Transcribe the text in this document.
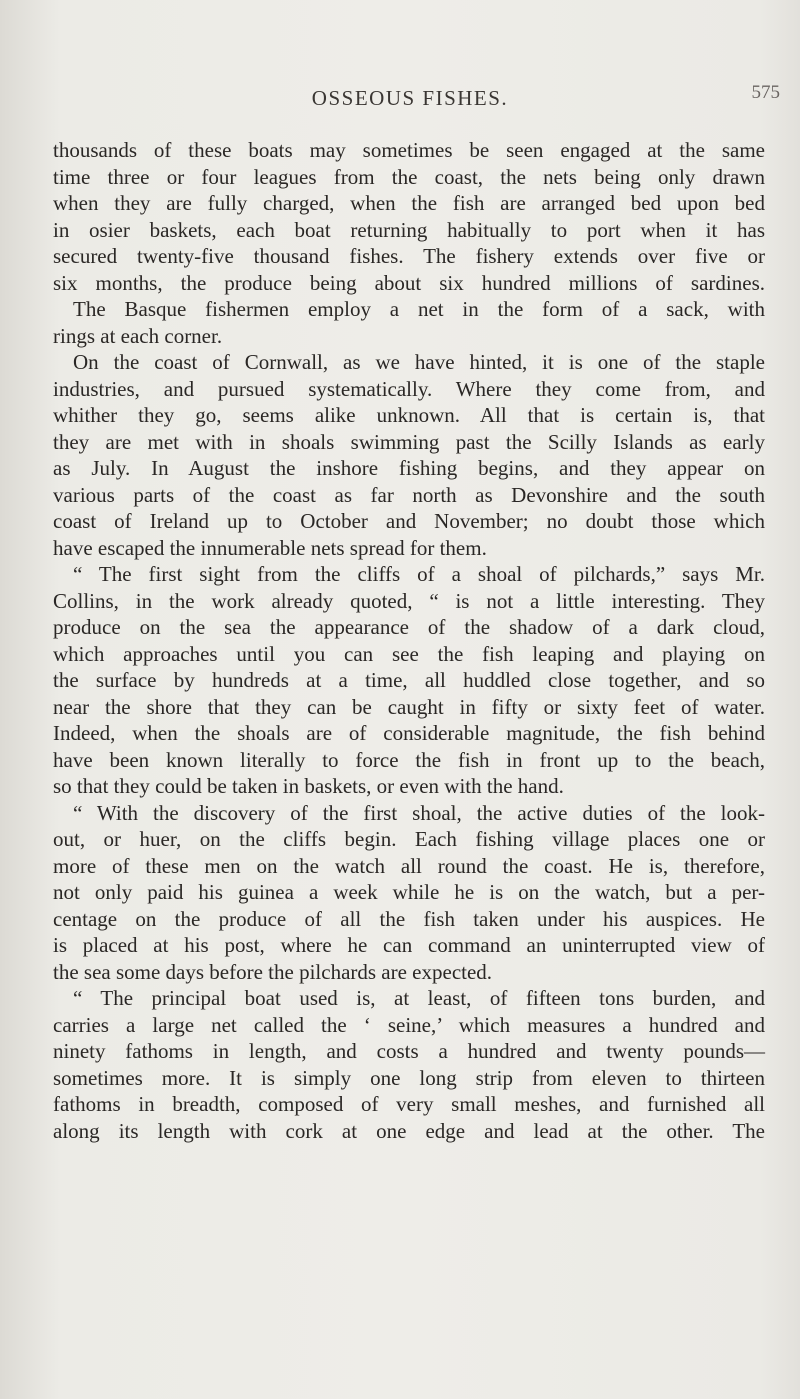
OSSEOUS FISHES.	575
thousands of these boats may sometimes be seen engaged at the same
time three or four leagues from the coast, the nets being only drawn
when they are fully charged, when the fish are arranged bed upon bed
in osier baskets, each boat returning habitually to port when it has
secured twenty-five thousand fishes. The fishery extends over five or
six months, the produce being about six hundred millions of sardines.
The Basque fishermen employ a net in the form of a sack, with
rings at each corner.
On the coast of Cornwall, as we have hinted, it is one of the staple
industries, and pursued systematically. Where they come from, and
whither they go, seems alike unknown. All that is certain is, that
they are met with in shoals swimming past the Scilly Islands as early
as July. In August the inshore fishing begins, and they appear on
various parts of the coast as far north as Devonshire and the south
coast of Ireland up to October and November; no doubt those which
have escaped the innumerable nets spread for them.
“ The first sight from the cliffs of a shoal of pilchards,” says Mr.
Collins, in the work already quoted, “ is not a little interesting. They
produce on the sea the appearance of the shadow of a dark cloud,
which approaches until you can see the fish leaping and playing on
the surface by hundreds at a time, all huddled close together, and so
near the shore that they can be caught in fifty or sixty feet of water.
Indeed, when the shoals are of considerable magnitude, the fish behind
have been known literally to force the fish in front up to the beach,
so that they could be taken in baskets, or even with the hand.
“ With the discovery of the first shoal, the active duties of the look-
out, or huer, on the cliffs begin. Each fishing village places one or
more of these men on the watch all round the coast. He is, therefore,
not only paid his guinea a week while he is on the watch, but a per-
centage on the produce of all the fish taken under his auspices. He
is placed at his post, where he can command an uninterrupted view of
the sea some days before the pilchards are expected.
“ The principal boat used is, at least, of fifteen tons burden, and
carries a large net called the ‘ seine,’ which measures a hundred and
ninety fathoms in length, and costs a hundred and twenty pounds—
sometimes more. It is simply one long strip from eleven to thirteen
fathoms in breadth, composed of very small meshes, and furnished all
along its length with cork at one edge and lead at the other. The
